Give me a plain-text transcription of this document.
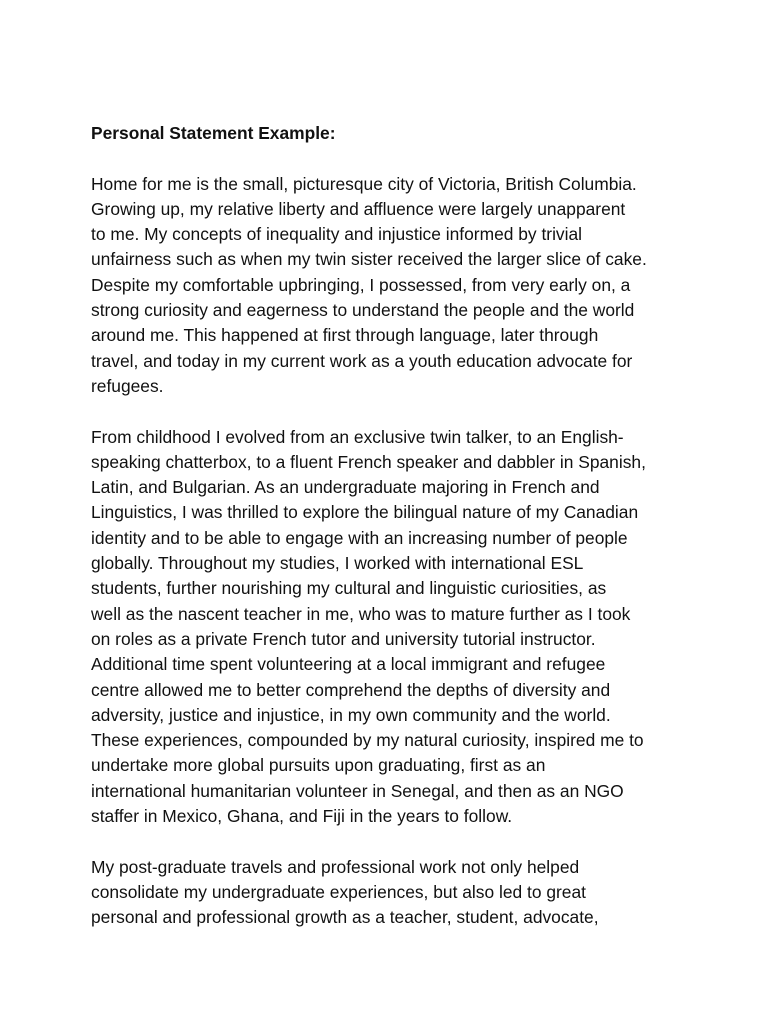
Personal Statement Example:
Home for me is the small, picturesque city of Victoria, British Columbia.
Growing up, my relative liberty and affluence were largely unapparent
to me. My concepts of inequality and injustice informed by trivial
unfairness such as when my twin sister received the larger slice of cake.
Despite my comfortable upbringing, I possessed, from very early on, a
strong curiosity and eagerness to understand the people and the world
around me. This happened at first through language, later through
travel, and today in my current work as a youth education advocate for
refugees.
From childhood I evolved from an exclusive twin talker, to an English-
speaking chatterbox, to a fluent French speaker and dabbler in Spanish,
Latin, and Bulgarian. As an undergraduate majoring in French and
Linguistics, I was thrilled to explore the bilingual nature of my Canadian
identity and to be able to engage with an increasing number of people
globally. Throughout my studies, I worked with international ESL
students, further nourishing my cultural and linguistic curiosities, as
well as the nascent teacher in me, who was to mature further as I took
on roles as a private French tutor and university tutorial instructor.
Additional time spent volunteering at a local immigrant and refugee
centre allowed me to better comprehend the depths of diversity and
adversity, justice and injustice, in my own community and the world.
These experiences, compounded by my natural curiosity, inspired me to
undertake more global pursuits upon graduating, first as an
international humanitarian volunteer in Senegal, and then as an NGO
staffer in Mexico, Ghana, and Fiji in the years to follow.
My post-graduate travels and professional work not only helped
consolidate my undergraduate experiences, but also led to great
personal and professional growth as a teacher, student, advocate,
